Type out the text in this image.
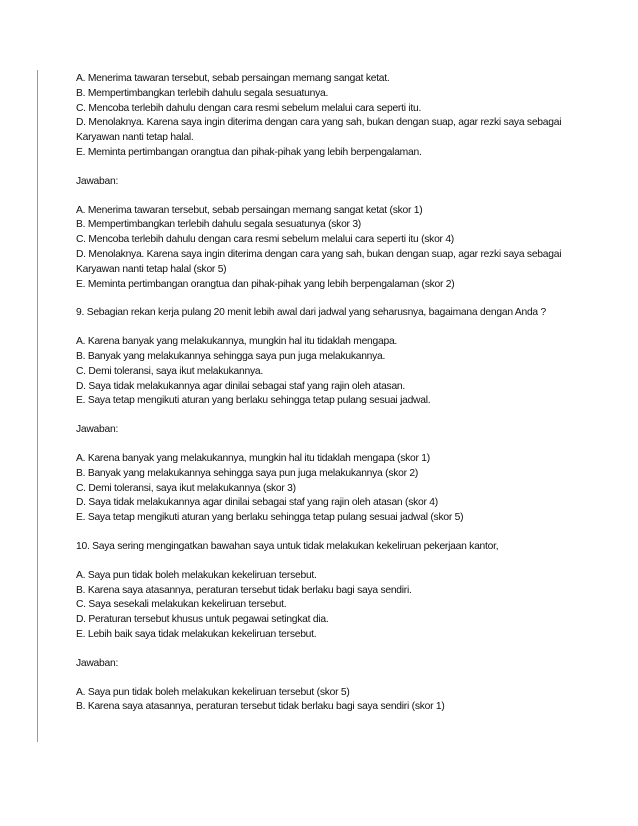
A. Menerima tawaran tersebut, sebab persaingan memang sangat ketat.
B. Mempertimbangkan terlebih dahulu segala sesuatunya.
C. Mencoba terlebih dahulu dengan cara resmi sebelum melalui cara seperti itu.
D. Menolaknya. Karena saya ingin diterima dengan cara yang sah, bukan dengan suap, agar rezki saya sebagai Karyawan nanti tetap halal.
E. Meminta pertimbangan orangtua dan pihak-pihak yang lebih berpengalaman.
Jawaban:
A. Menerima tawaran tersebut, sebab persaingan memang sangat ketat (skor 1)
B. Mempertimbangkan terlebih dahulu segala sesuatunya (skor 3)
C. Mencoba terlebih dahulu dengan cara resmi sebelum melalui cara seperti itu (skor 4)
D. Menolaknya. Karena saya ingin diterima dengan cara yang sah, bukan dengan suap, agar rezki saya sebagai Karyawan nanti tetap halal (skor 5)
E. Meminta pertimbangan orangtua dan pihak-pihak yang lebih berpengalaman (skor 2)
9. Sebagian rekan kerja pulang 20 menit lebih awal dari jadwal yang seharusnya, bagaimana dengan Anda ?
A. Karena banyak yang melakukannya, mungkin hal itu tidaklah mengapa.
B. Banyak yang melakukannya sehingga saya pun juga melakukannya.
C. Demi toleransi, saya ikut melakukannya.
D. Saya tidak melakukannya agar dinilai sebagai staf yang rajin oleh atasan.
E. Saya tetap mengikuti aturan yang berlaku sehingga tetap pulang sesuai jadwal.
Jawaban:
A. Karena banyak yang melakukannya, mungkin hal itu tidaklah mengapa (skor 1)
B. Banyak yang melakukannya sehingga saya pun juga melakukannya (skor 2)
C. Demi toleransi, saya ikut melakukannya (skor 3)
D. Saya tidak melakukannya agar dinilai sebagai staf yang rajin oleh atasan (skor 4)
E. Saya tetap mengikuti aturan yang berlaku sehingga tetap pulang sesuai jadwal (skor 5)
10. Saya sering mengingatkan bawahan saya untuk tidak melakukan kekeliruan pekerjaan kantor,
A. Saya pun tidak boleh melakukan kekeliruan tersebut.
B. Karena saya atasannya, peraturan tersebut tidak berlaku bagi saya sendiri.
C. Saya sesekali melakukan kekeliruan tersebut.
D. Peraturan tersebut khusus untuk pegawai setingkat dia.
E. Lebih baik saya tidak melakukan kekeliruan tersebut.
Jawaban:
A. Saya pun tidak boleh melakukan kekeliruan tersebut (skor 5)
B. Karena saya atasannya, peraturan tersebut tidak berlaku bagi saya sendiri (skor 1)
